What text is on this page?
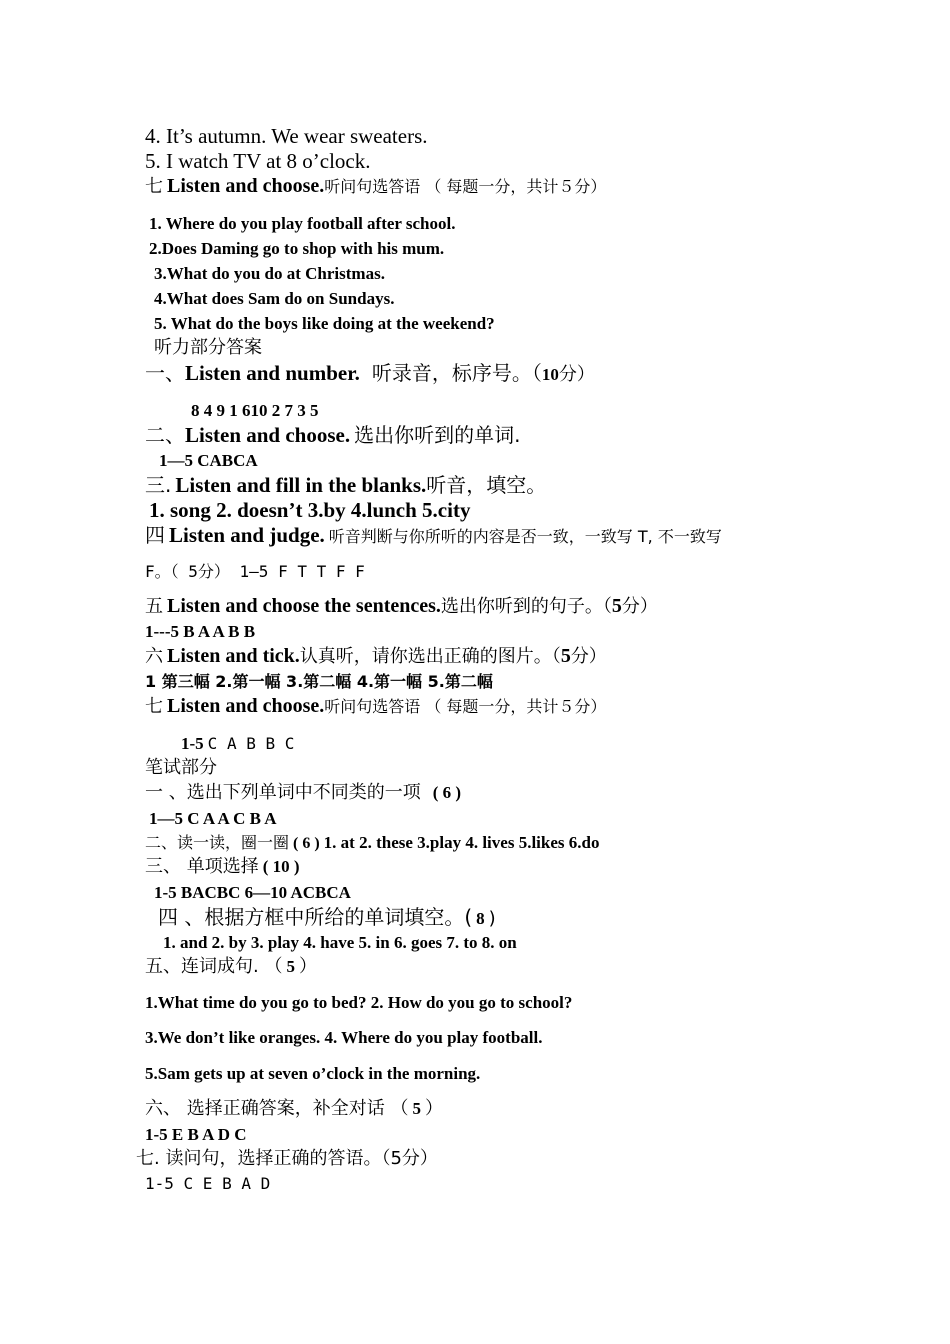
4. It’s autumn. We wear sweaters.
5. I watch TV at 8 o’clock.
七 Listen and choose.听问句选答语 （ 每题一分，共计５分）
1. Where do you play football after school.
2.Does Daming go to shop with his mum.
3.What do you do at Christmas.
4.What does Sam do on Sundays.
5. What do the boys like doing at the weekend?
听力部分答案
一、Listen and number. 听录音，标序号。（10分）
8 4 9 1 610 2 7 3 5
二、Listen and choose. 选出你听到的单词.
1—5 CABCA
三. Listen and fill in the blanks.听音，填空。
1. song 2. doesn’t 3.by 4.lunch 5.city
四 Listen and judge. 听音判断与你所听的内容是否一致，一致写 T, 不一致写
F。（ 5分） 1—5 F T T F F
五 Listen and choose the sentences.选出你听到的句子。（5分）
1---5 B A A B B
六 Listen and tick.认真听，请你选出正确的图片。（5分）
1 第三幅 2.第一幅 3.第二幅 4.第一幅 5.第二幅
七 Listen and choose.听问句选答语 （ 每题一分，共计５分）
1-5 C A B B C
笔试部分
一 、选出下列单词中不同类的一项 ( 6 )
1—5 C A A C B A
二、读一读，圈一圈 ( 6 ) 1. at 2. these 3.play 4. lives 5.likes 6.do
三、 单项选择 ( 10 )
1-5 BACBC 6—10 ACBCA
四 、根据方框中所给的单词填空。( 8 )
1. and 2. by 3. play 4. have 5. in 6. goes 7. to 8. on
五、连词成句. （ 5 ）
1.What time do you go to bed? 2. How do you go to school?
3.We don’t like oranges. 4. Where do you play football.
5.Sam gets up at seven o’clock in the morning.
六、 选择正确答案，补全对话 （ 5 ）
1-5 E B A D C
七. 读问句，选择正确的答语。（5分）
1-5 C E B A D
